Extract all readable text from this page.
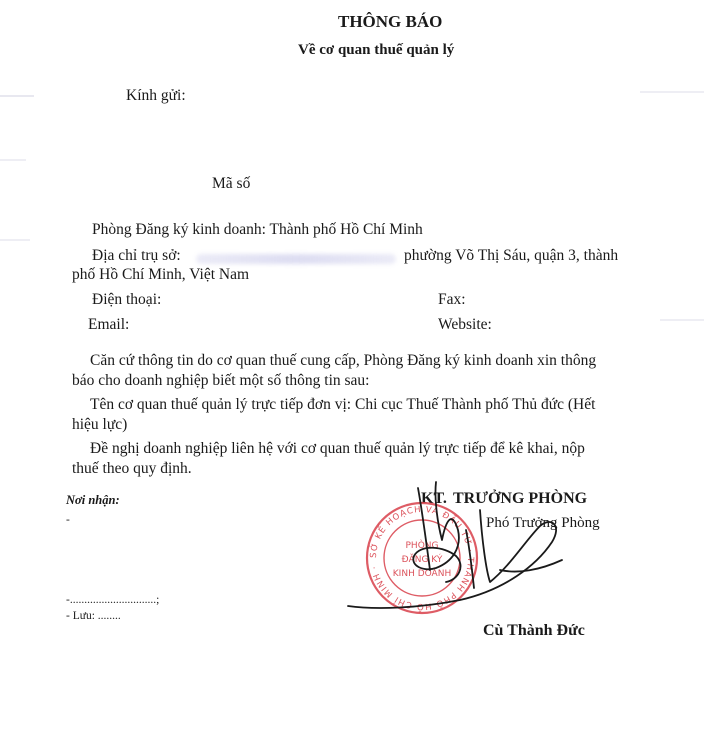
THÔNG BÁO
Về cơ quan thuế quản lý
Kính gửi:
Mã số
Phòng Đăng ký kinh doanh: Thành phố Hồ Chí Minh
Địa chỉ trụ sở:	phường Võ Thị Sáu, quận 3, thành
phố Hồ Chí Minh, Việt Nam
Điện thoại:	Fax:
Email:	Website:
Căn cứ thông tin do cơ quan thuế cung cấp, Phòng Đăng ký kinh doanh xin thông
báo cho doanh nghiệp biết một số thông tin sau:
Tên cơ quan thuế quản lý trực tiếp đơn vị: Chi cục Thuế Thành phố Thủ đức (Hết
hiệu lực)
Đề nghị doanh nghiệp liên hệ với cơ quan thuế quản lý trực tiếp để kê khai, nộp
thuế theo quy định.
Nơi nhận:
-
-..............................;
- Lưu: ........
KT. TRƯỞNG PHÒNG
Phó Trưởng Phòng
SỞ KẾ HOẠCH VÀ ĐẦU TƯ · THÀNH PHỐ HỒ CHÍ MINH ·
PHÒNG
ĐĂNG KÝ
KINH DOANH
Cù Thành Đức
